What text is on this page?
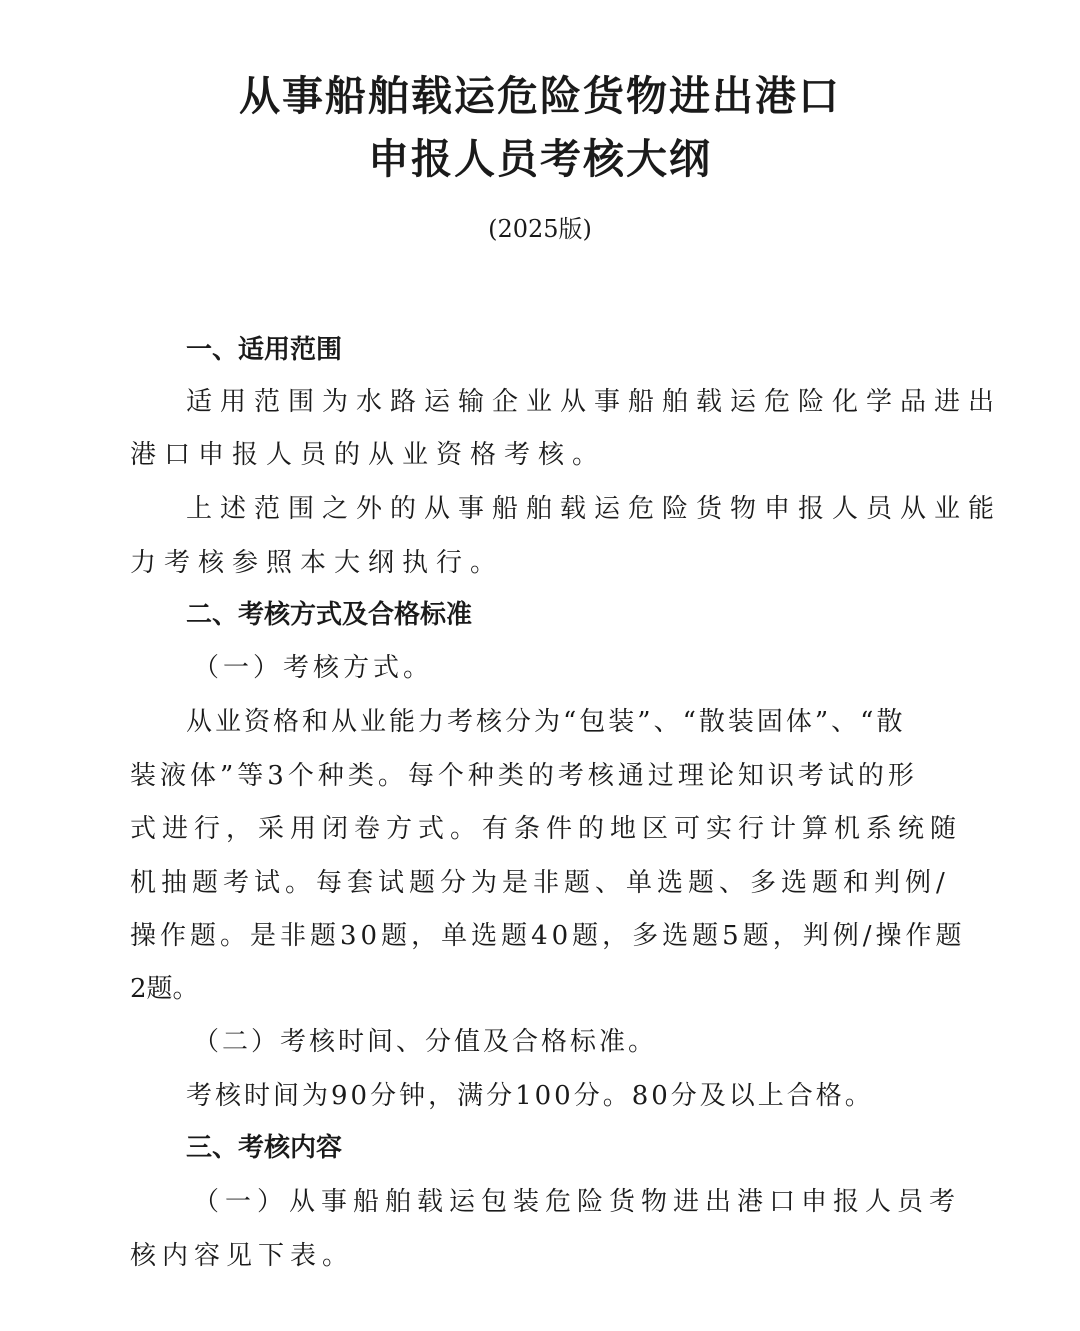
从事船舶载运危险货物进出港口
申报人员考核大纲

(2025版)

一、适用范围

适用范围为水路运输企业从事船舶载运危险化学品进出

港口申报人员的从业资格考核。

上述范围之外的从事船舶载运危险货物申报人员从业能

力考核参照本大纲执行。

二、考核方式及合格标准

（一）考核方式。

从业资格和从业能力考核分为“包装”、“散装固体”、“散

装液体”等3个种类。每个种类的考核通过理论知识考试的形

式进行，采用闭卷方式。有条件的地区可实行计算机系统随

机抽题考试。每套试题分为是非题、单选题、多选题和判例/

操作题。是非题30题，单选题40题，多选题5题，判例/操作题

2题。

（二）考核时间、分值及合格标准。

考核时间为90分钟，满分100分。80分及以上合格。

三、考核内容

（一）从事船舶载运包装危险货物进出港口申报人员考

核内容见下表。
